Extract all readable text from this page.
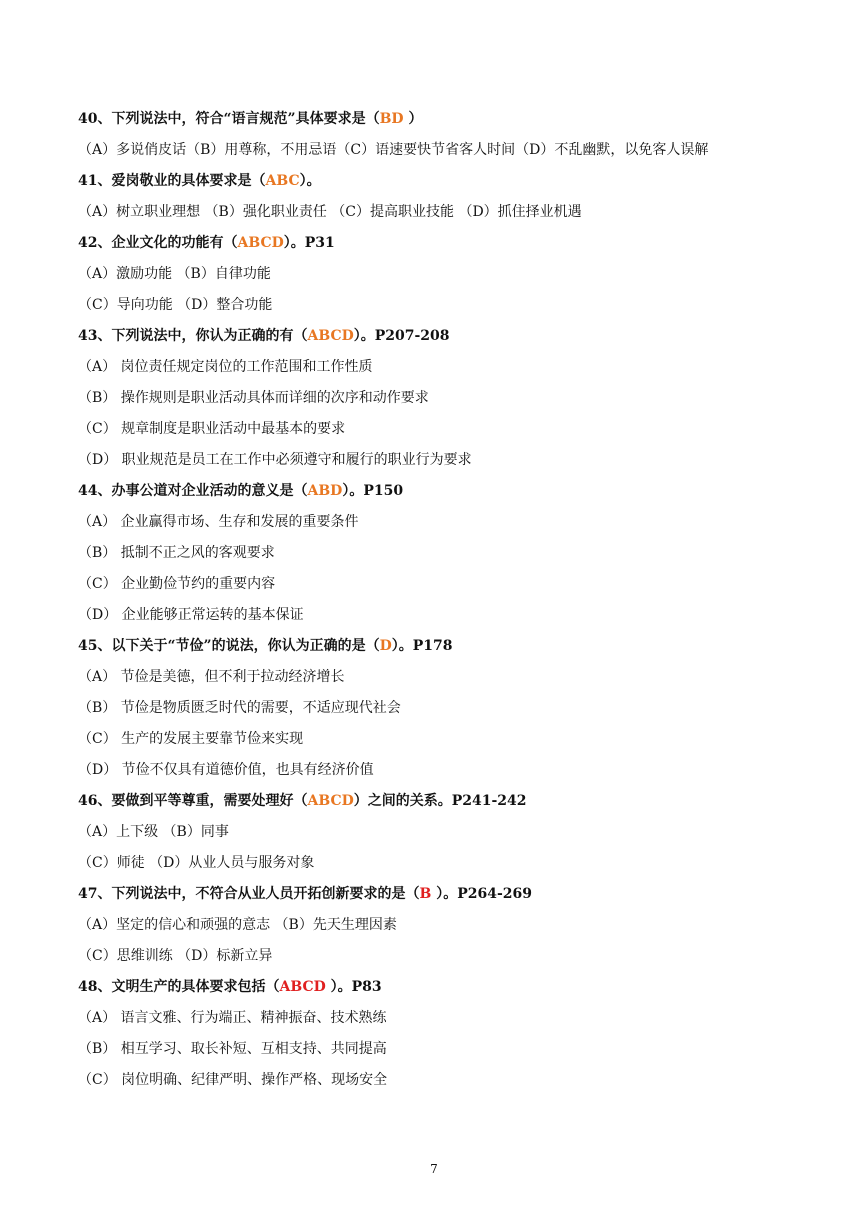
40、下列说法中，符合“语言规范”具体要求是（BD ）
（A）多说俏皮话（B）用尊称，不用忌语（C）语速要快节省客人时间（D）不乱幽默，以免客人误解
41、爱岗敬业的具体要求是（ABC）。
（A）树立职业理想 （B）强化职业责任 （C）提高职业技能 （D）抓住择业机遇
42、企业文化的功能有（ABCD）。P31
（A）激励功能 （B）自律功能
（C）导向功能 （D）整合功能
43、下列说法中，你认为正确的有（ABCD）。P207-208
（A） 岗位责任规定岗位的工作范围和工作性质
（B） 操作规则是职业活动具体而详细的次序和动作要求
（C） 规章制度是职业活动中最基本的要求
（D） 职业规范是员工在工作中必须遵守和履行的职业行为要求
44、办事公道对企业活动的意义是（ABD）。P150
（A） 企业赢得市场、生存和发展的重要条件
（B） 抵制不正之风的客观要求
（C） 企业勤俭节约的重要内容
（D） 企业能够正常运转的基本保证
45、以下关于“节俭”的说法，你认为正确的是（D）。P178
（A） 节俭是美德，但不利于拉动经济增长
（B） 节俭是物质匮乏时代的需要，不适应现代社会
（C） 生产的发展主要靠节俭来实现
（D） 节俭不仅具有道德价值，也具有经济价值
46、要做到平等尊重，需要处理好（ABCD）之间的关系。P241-242
（A）上下级 （B）同事
（C）师徒 （D）从业人员与服务对象
47、下列说法中，不符合从业人员开拓创新要求的是（B ）。P264-269
（A）坚定的信心和顽强的意志 （B）先天生理因素
（C）思维训练 （D）标新立异
48、文明生产的具体要求包括（ABCD ）。P83
（A） 语言文雅、行为端正、精神振奋、技术熟练
（B） 相互学习、取长补短、互相支持、共同提高
（C） 岗位明确、纪律严明、操作严格、现场安全
7
